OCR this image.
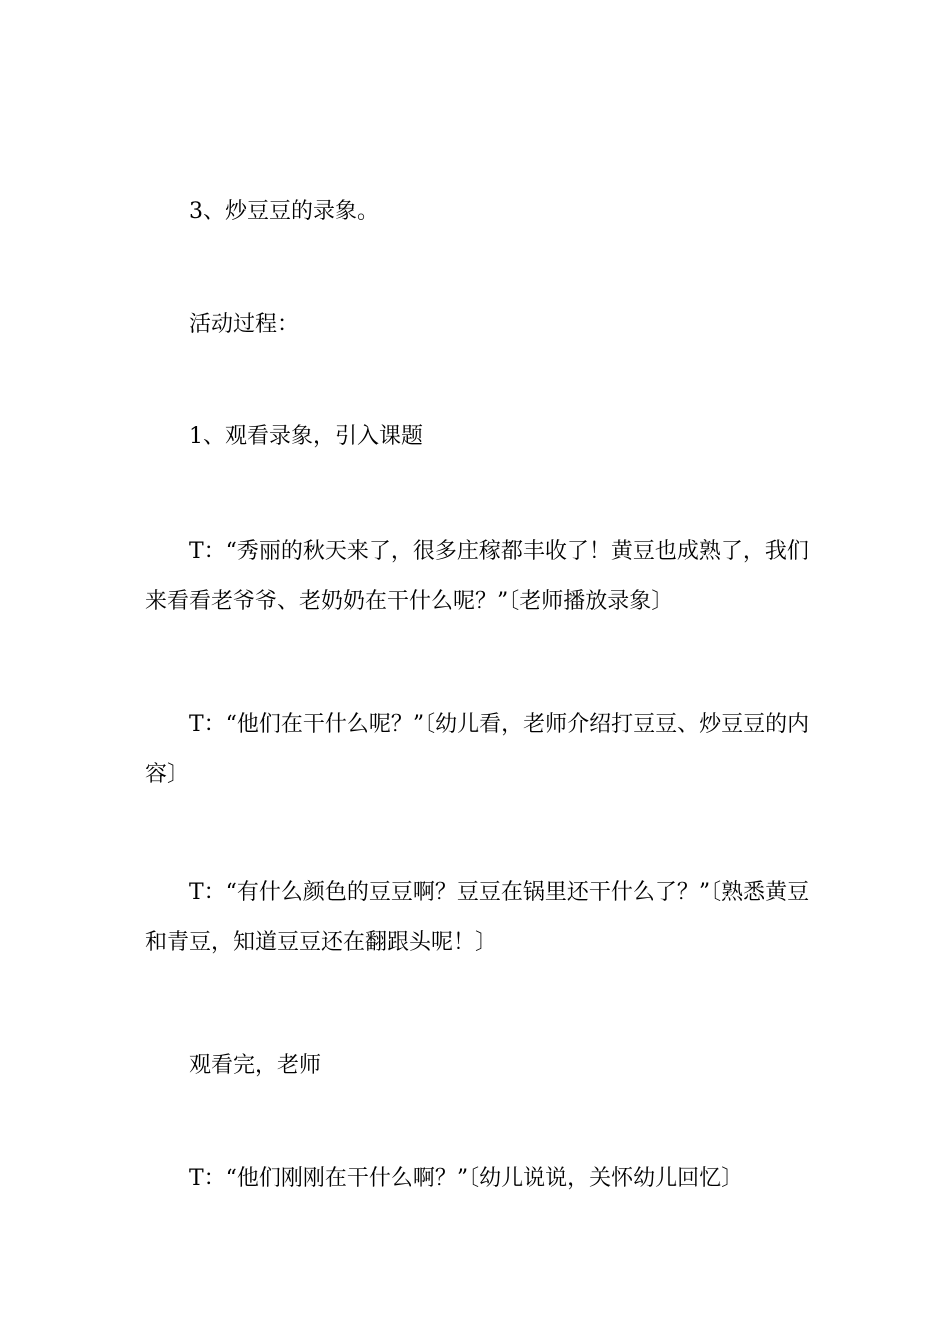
3、炒豆豆的录象。

活动过程：

1、观看录象，引入课题

T：“秀丽的秋天来了，很多庄稼都丰收了！黄豆也成熟了，我们来看看老爷爷、老奶奶在干什么呢？”〔老师播放录象〕

T：“他们在干什么呢？”〔幼儿看，老师介绍打豆豆、炒豆豆的内容〕

T：“有什么颜色的豆豆啊？豆豆在锅里还干什么了？”〔熟悉黄豆和青豆，知道豆豆还在翻跟头呢！〕

观看完，老师

T：“他们刚刚在干什么啊？”〔幼儿说说，关怀幼儿回忆〕
